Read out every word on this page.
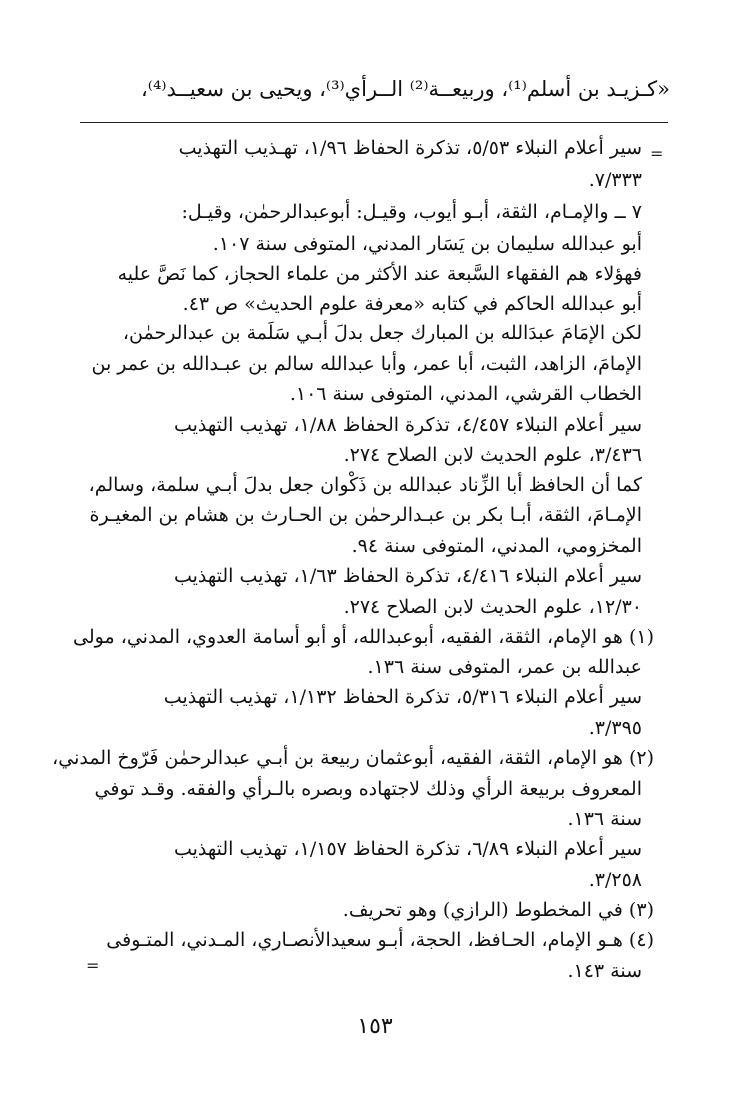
«كـزيـد بن أسلم⁽¹⁾، وربيعــة⁽²⁾ الــرأي⁽³⁾، ويحيى بن سعيــد⁽⁴⁾،
=
سير أعلام النبلاء ٥/٥٣، تذكرة الحفاظ ١/٩٦، تهـذيب التهذيب
٧/٣٣٣.
٧ ــ والإمـام، الثقة، أبـو أيوب، وقيـل: أبوعبدالرحمٰن، وقيـل:
أبو عبدالله سليمان بن يَسَار المدني، المتوفى سنة ١٠٧.
فهؤلاء هم الفقهاء السَّبعة عند الأكثر من علماء الحجاز، كما نَصَّ عليه
أبو عبدالله الحاكم في كتابه «معرفة علوم الحديث» ص ٤٣.
لكن الإمَامَ عبدَالله بن المبارك جعل بدلَ أبـي سَلَمة بن عبدالرحمٰن،
الإمامَ، الزاهد، الثبت، أبا عمر، وأبا عبدالله سالم بن عبـدالله بن عمر بن
الخطاب القرشي، المدني، المتوفى سنة ١٠٦.
سير أعلام النبلاء ٤/٤٥٧، تذكرة الحفاظ ١/٨٨، تهذيب التهذيب
٣/٤٣٦، علوم الحديث لابن الصلاح ٢٧٤.
كما أن الحافظ أبا الزِّناد عبدالله بن ذَكْوان جعل بدلَ أبـي سلمة، وسالم،
الإمـامَ، الثقة، أبـا بكر بن عبـدالرحمٰن بن الحـارث بن هشام بن المغيـرة
المخزومي، المدني، المتوفى سنة ٩٤.
سير أعلام النبلاء ٤/٤١٦، تذكرة الحفاظ ١/٦٣، تهذيب التهذيب
١٢/٣٠، علوم الحديث لابن الصلاح ٢٧٤.
(١) هو الإمام، الثقة، الفقيه، أبوعبدالله، أو أبو أسامة العدوي، المدني، مولى
عبدالله بن عمر، المتوفى سنة ١٣٦.
سير أعلام النبلاء ٥/٣١٦، تذكرة الحفاظ ١/١٣٢، تهذيب التهذيب
٣/٣٩٥.
(٢) هو الإمام، الثقة، الفقيه، أبوعثمان ربيعة بن أبـي عبدالرحمٰن فَرّوخ المدني،
المعروف بربيعة الرأي وذلك لاجتهاده وبصره بالـرأي والفقه. وقـد توفي
سنة ١٣٦.
سير أعلام النبلاء ٦/٨٩، تذكرة الحفاظ ١/١٥٧، تهذيب التهذيب
٣/٢٥٨.
(٣) في المخطوط (الرازي) وهو تحريف.
(٤) هـو الإمام، الحـافظ، الحجة، أبـو سعيدالأنصـاري، المـدني، المتـوفى
سنة ١٤٣.
=
١٥٣
